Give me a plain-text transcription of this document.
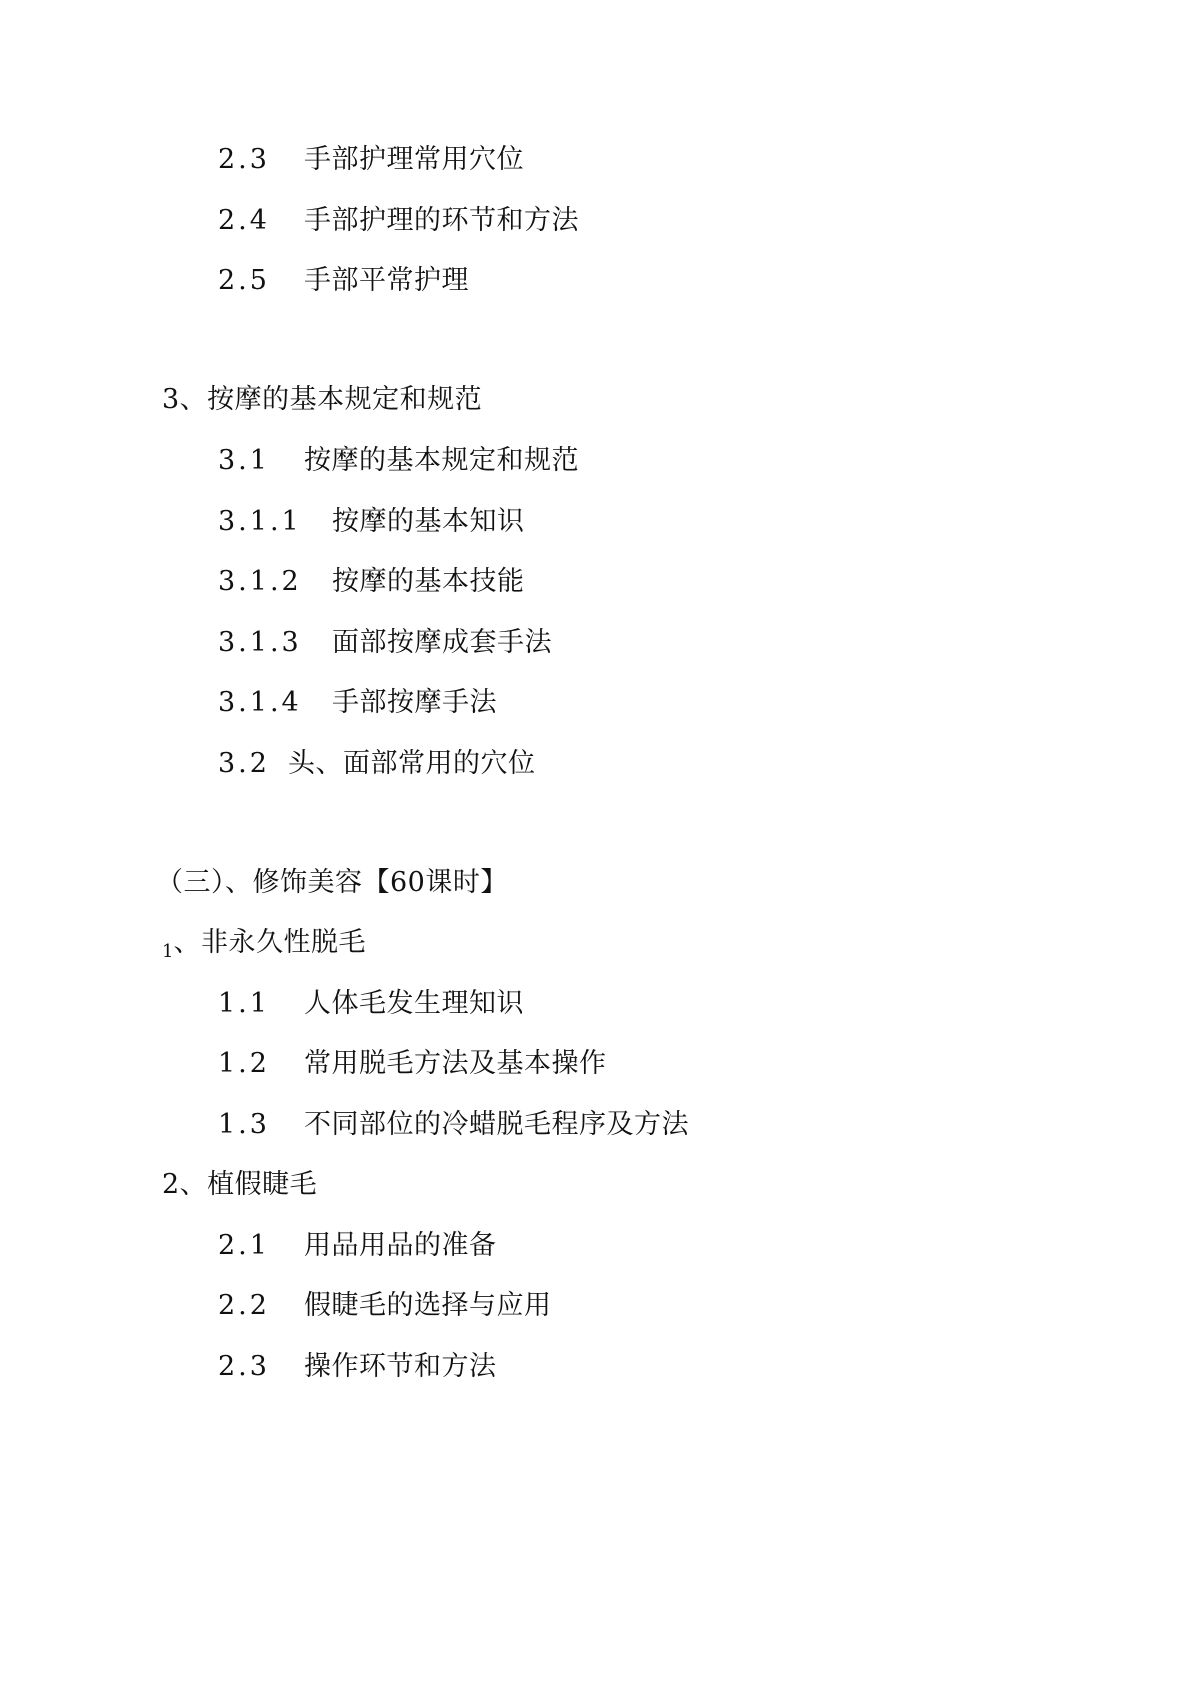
2.3 手部护理常用穴位
2.4 手部护理的环节和方法
2.5 手部平常护理
3、按摩的基本规定和规范
3.1 按摩的基本规定和规范
3.1.1 按摩的基本知识
3.1.2 按摩的基本技能
3.1.3 面部按摩成套手法
3.1.4 手部按摩手法
3.2 头、面部常用的穴位
（三）、修饰美容【60课时】
$_1$、非永久性脱毛
1.1 人体毛发生理知识
1.2 常用脱毛方法及基本操作
1.3 不同部位的冷蜡脱毛程序及方法
2、植假睫毛
2.1 用品用品的准备
2.2 假睫毛的选择与应用
2.3 操作环节和方法
